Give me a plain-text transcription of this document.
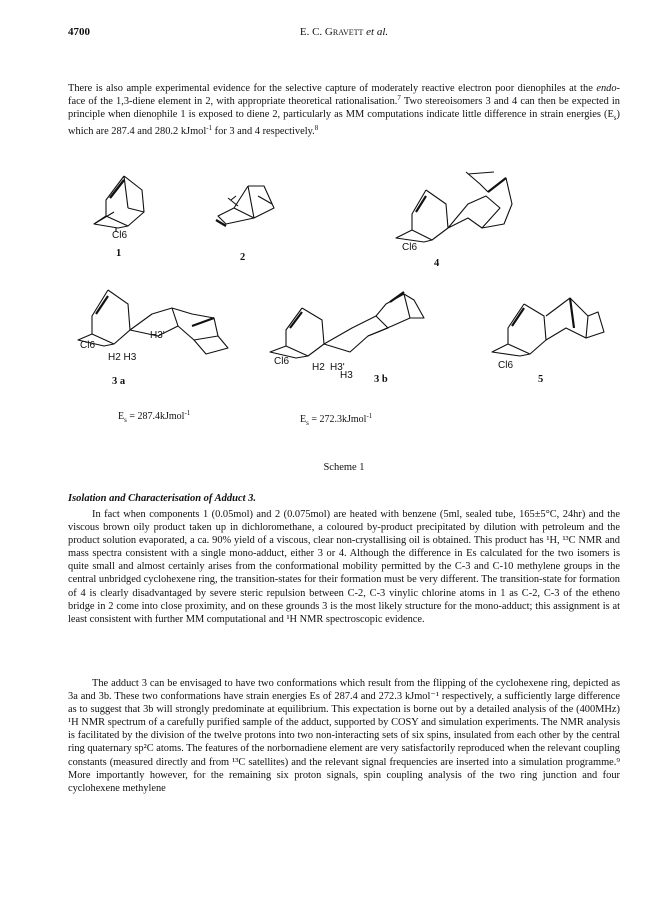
4700	E. C. Gravett et al.
There is also ample experimental evidence for the selective capture of moderately reactive electron poor dienophiles at the endo- face of the 1,3-diene element in 2, with appropriate theoretical rationalisation.$^7$ Two stereoisomers 3 and 4 can then be expected in principle when dienophile 1 is exposed to diene 2, particularly as MM computations indicate little difference in strain energies $(E_s)$ which are 287.4 and 280.2 kJmol$^{-1}$ for 3 and 4 respectively.$^8$
Cl6
1	2
Cl6
4
H3'
Cl6
H2 H3
3 a
Cl6
H2 H3'
H3 3 b
Cl6
5
$E_s$ = 287.4kJmol$^{-1}$
$E_s$ = 272.3kJmol$^{-1}$
Scheme 1
Isolation and Characterisation of Adduct 3.
In fact when components 1 (0.05mol) and 2 (0.075mol) are heated with benzene (5ml, sealed tube, 165±5°C, 24hr) and the viscous brown oily product taken up in dichloromethane, a coloured by-product precipitated by dilution with petroleum and the product solution evaporated, a ca. 90% yield of a viscous, clear non-crystallising oil is obtained. This product has ¹H, ¹³C NMR and mass spectra consistent with a single mono-adduct, either 3 or 4. Although the difference in Es calculated for the two isomers is quite small and almost certainly arises from the conformational mobility permitted by the C-3 and C-10 methylene groups in the central unbridged cyclohexene ring, the transition-states for their formation must be very different. The transition-state for formation of 4 is clearly disadvantaged by severe steric repulsion between C-2, C-3 vinylic chlorine atoms in 1 as C-2, C-3 of the etheno bridge in 2 come into close proximity, and on these grounds 3 is the most likely structure for the mono-adduct; this assignment is at least consistent with further MM computational and ¹H NMR spectroscopic evidence.
The adduct 3 can be envisaged to have two conformations which result from the flipping of the cyclohexene ring, depicted as 3a and 3b. These two conformations have strain energies Es of 287.4 and 272.3 kJmol⁻¹ respectively, a sufficiently large difference as to suggest that 3b will strongly predominate at equilibrium. This expectation is borne out by a detailed analysis of the (400MHz) ¹H NMR spectrum of a carefully purified sample of the adduct, supported by COSY and simulation experiments. The NMR analysis is facilitated by the division of the twelve protons into two non-interacting sets of six spins, insulated from each other by the central ring quaternary sp²C atoms. The features of the norbornadiene element are very satisfactorily reproduced when the relevant coupling constants (measured directly and from ¹³C satellites) and the relevant signal frequencies are inserted into a simulation programme.⁹ More importantly however, for the remaining six proton signals, spin coupling analysis of the two ring junction and four cyclohexene methylene
